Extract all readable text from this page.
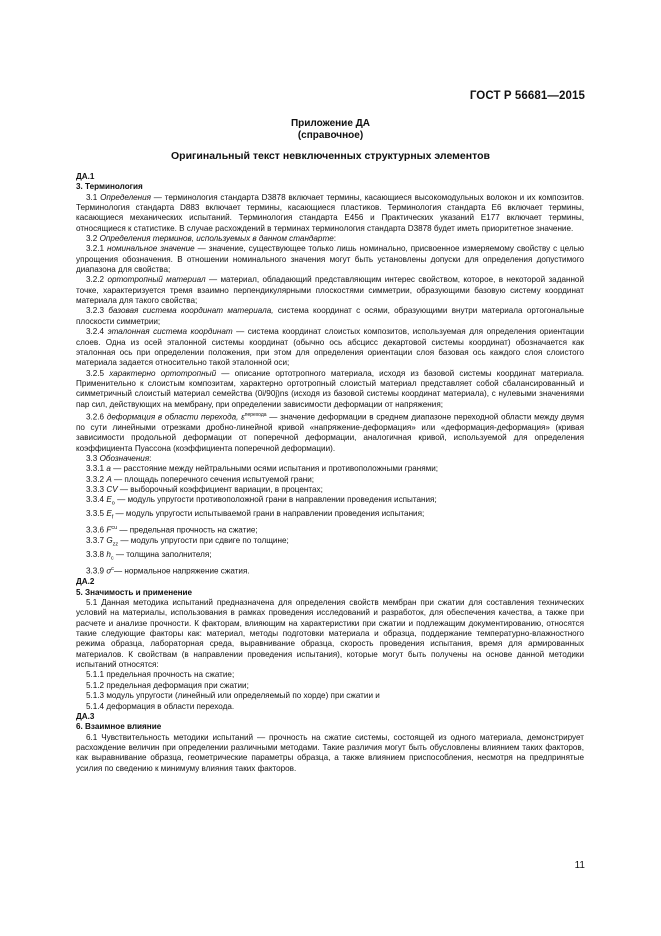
ГОСТ Р 56681—2015
Приложение ДА
(справочное)
Оригинальный текст невключенных структурных элементов

ДА.1

3. Терминология

3.1 Определения — терминология стандарта D3878 включает термины, касающиеся высокомодульных волокон и их композитов. Терминология стандарта D883 включает термины, касающиеся пластиков. Терминология стандарта E6 включает термины, касающиеся механических испытаний. Терминология стандарта E456 и Практических указаний E177 включает термины, относящиеся к статистике. В случае расхождений в терминах терминология стандарта D3878 будет иметь приоритетное значение.

3.2 Определения терминов, используемых в данном стандарте:

3.2.1 номинальное значение — значение, существующее только лишь номинально, присвоенное измеряемому свойству с целью упрощения обозначения. В отношении номинального значения могут быть установлены допуски для определения допустимого диапазона для свойства;

3.2.2 ортотропный материал — материал, обладающий представляющим интерес свойством, которое, в некоторой заданной точке, характеризуется тремя взаимно перпендикулярными плоскостями симметрии, образующими базовую систему координат материала для такого свойства;

3.2.3 базовая система координат материала, система координат с осями, образующими внутри материала ортогональные плоскости симметрии;

3.2.4 эталонная система координат — система координат слоистых композитов, используемая для определения ориентации слоев. Одна из осей эталонной системы координат (обычно ось абсцисс декартовой системы координат) обозначается как эталонная ось при определении положения, при этом для определения ориентации слоя базовая ось каждого слоя слоистого материала задается относительно такой эталонной оси;

3.2.5 характерно ортотропный — описание ортотропного материала, исходя из базовой системы координат материала. Применительно к слоистым композитам, характерно ортотропный слоистый материал представляет собой сбалансированный и симметричный слоистый материал семейства (0i/90j)ns (исходя из базовой системы координат материала), с нулевыми значениями пар сил, действующих на мембрану, при определении зависимости деформации от напряжения;

3.2.6 деформация в области перехода, $\varepsilon^{перехода}$ — значение деформации в среднем диапазоне переходной области между двумя по сути линейными отрезками дробно-линейной кривой «напряжение-деформация» или «деформация-деформация» (кривая зависимости продольной деформации от поперечной деформации, аналогичная кривой, используемой для определения коэффициента Пуассона (коэффициента поперечной деформации).

3.3 Обозначения:

3.3.1 a — расстояние между нейтральными осями испытания и противоположными гранями;

3.3.2 A — площадь поперечного сечения испытуемой грани;

3.3.3 CV — выборочный коэффициент вариации, в процентах;

3.3.4 $E_o$ — модуль упругости противоположной грани в направлении проведения испытания;

3.3.5 $E_f$ — модуль упругости испытываемой грани в направлении проведения испытания;

3.3.6 $F^{cu}$ — предельная прочность на сжатие;

3.3.7 $G_{zz}$ — модуль упругости при сдвиге по толщине;

3.3.8 $h_c$ — толщина заполнителя;

3.3.9 $\sigma^c—$ нормальное напряжение сжатия.

ДА.2

5. Значимость и применение

5.1 Данная методика испытаний предназначена для определения свойств мембран при сжатии для составления технических условий на материалы, использования в рамках проведения исследований и разработок, для обеспечения качества, а также при расчете и анализе прочности. К факторам, влияющим на характеристики при сжатии и подлежащим документированию, относятся такие следующие факторы как: материал, методы подготовки материала и образца, поддержание температурно-влажностного режима образца, лабораторная среда, выравнивание образца, скорость проведения испытания, время для армированных материалов. К свойствам (в направлении проведения испытания), которые могут быть получены на основе данной методики испытаний относятся:

5.1.1 предельная прочность на сжатие;

5.1.2 предельная деформация при сжатии;

5.1.3 модуль упругости (линейный или определяемый по хорде) при сжатии и

5.1.4 деформация в области перехода.

ДА.3

6. Взаимное влияние

6.1 Чувствительность методики испытаний — прочность на сжатие системы, состоящей из одного материала, демонстрирует расхождение величин при определении различными методами. Такие различия могут быть обусловлены влиянием таких факторов, как выравнивание образца, геометрические параметры образца, а также влиянием приспособления, несмотря на предпринятые усилия по сведению к минимуму влияния таких факторов.

11
